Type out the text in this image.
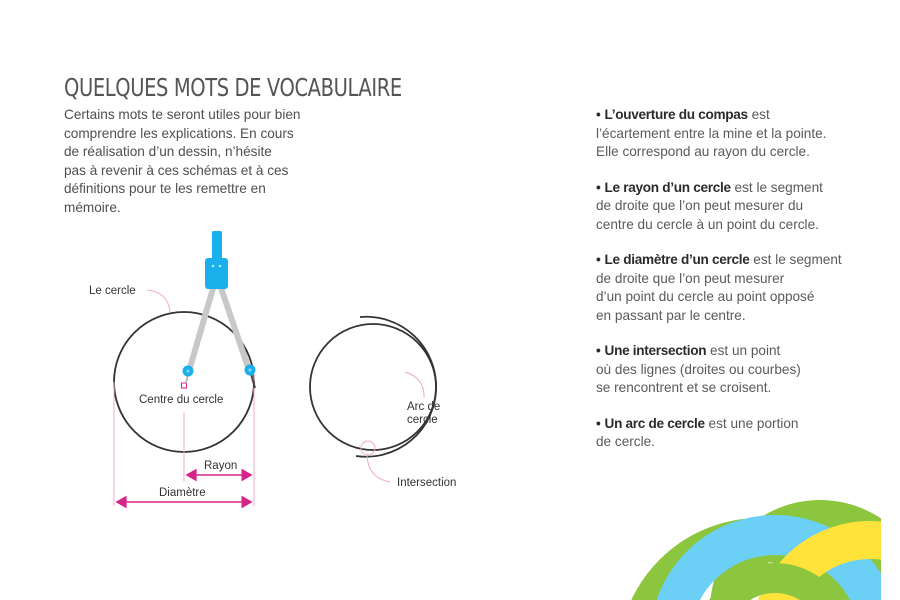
QUELQUES MOTS DE VOCABULAIRE

Certains mots te seront utiles pour bien
comprendre les explications. En cours
de réalisation d’un dessin, n’hésite
pas à revenir à ces schémas et à ces
définitions pour te les remettre en
mémoire.

Le cercle
Centre du cercle
Rayon
Diamètre
Arc de
cercle
Intersection

• L’ouverture du compas est
l’écartement entre la mine et la pointe.
Elle correspond au rayon du cercle.

• Le rayon d’un cercle est le segment
de droite que l’on peut mesurer du
centre du cercle à un point du cercle.

• Le diamètre d’un cercle est le segment
de droite que l’on peut mesurer
d’un point du cercle au point opposé
en passant par le centre.

• Une intersection est un point
où des lignes (droites ou courbes)
se rencontrent et se croisent.

• Un arc de cercle est une portion
de cercle.
